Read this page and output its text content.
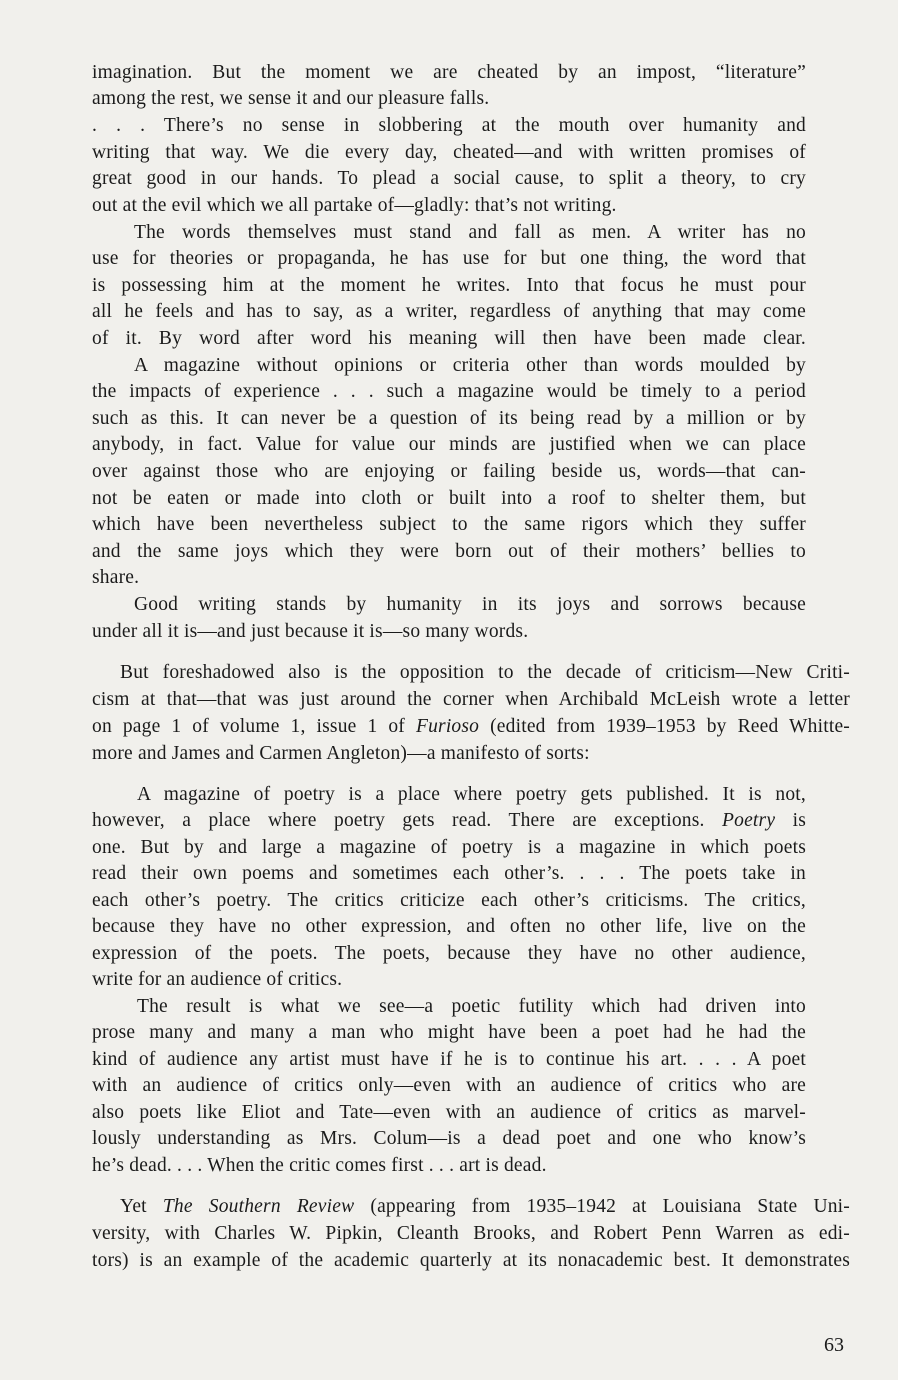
imagination. But the moment we are cheated by an impost, “literature”
among the rest, we sense it and our pleasure falls.
. . . There’s no sense in slobbering at the mouth over humanity and
writing that way. We die every day, cheated—and with written promises of
great good in our hands. To plead a social cause, to split a theory, to cry
out at the evil which we all partake of—gladly: that’s not writing.
The words themselves must stand and fall as men. A writer has no
use for theories or propaganda, he has use for but one thing, the word that
is possessing him at the moment he writes. Into that focus he must pour
all he feels and has to say, as a writer, regardless of anything that may come
of it. By word after word his meaning will then have been made clear.
A magazine without opinions or criteria other than words moulded by
the impacts of experience . . . such a magazine would be timely to a period
such as this. It can never be a question of its being read by a million or by
anybody, in fact. Value for value our minds are justified when we can place
over against those who are enjoying or failing beside us, words—that can-
not be eaten or made into cloth or built into a roof to shelter them, but
which have been nevertheless subject to the same rigors which they suffer
and the same joys which they were born out of their mothers’ bellies to
share.
Good writing stands by humanity in its joys and sorrows because
under all it is—and just because it is—so many words.
But foreshadowed also is the opposition to the decade of criticism—New Criti-
cism at that—that was just around the corner when Archibald McLeish wrote a letter
on page 1 of volume 1, issue 1 of Furioso (edited from 1939–1953 by Reed Whitte-
more and James and Carmen Angleton)—a manifesto of sorts:
A magazine of poetry is a place where poetry gets published. It is not,
however, a place where poetry gets read. There are exceptions. Poetry is
one. But by and large a magazine of poetry is a magazine in which poets
read their own poems and sometimes each other’s. . . . The poets take in
each other’s poetry. The critics criticize each other’s criticisms. The critics,
because they have no other expression, and often no other life, live on the
expression of the poets. The poets, because they have no other audience,
write for an audience of critics.
The result is what we see—a poetic futility which had driven into
prose many and many a man who might have been a poet had he had the
kind of audience any artist must have if he is to continue his art. . . . A poet
with an audience of critics only—even with an audience of critics who are
also poets like Eliot and Tate—even with an audience of critics as marvel-
lously understanding as Mrs. Colum—is a dead poet and one who know’s
he’s dead. . . . When the critic comes first . . . art is dead.
Yet The Southern Review (appearing from 1935–1942 at Louisiana State Uni-
versity, with Charles W. Pipkin, Cleanth Brooks, and Robert Penn Warren as edi-
tors) is an example of the academic quarterly at its nonacademic best. It demonstrates
63
